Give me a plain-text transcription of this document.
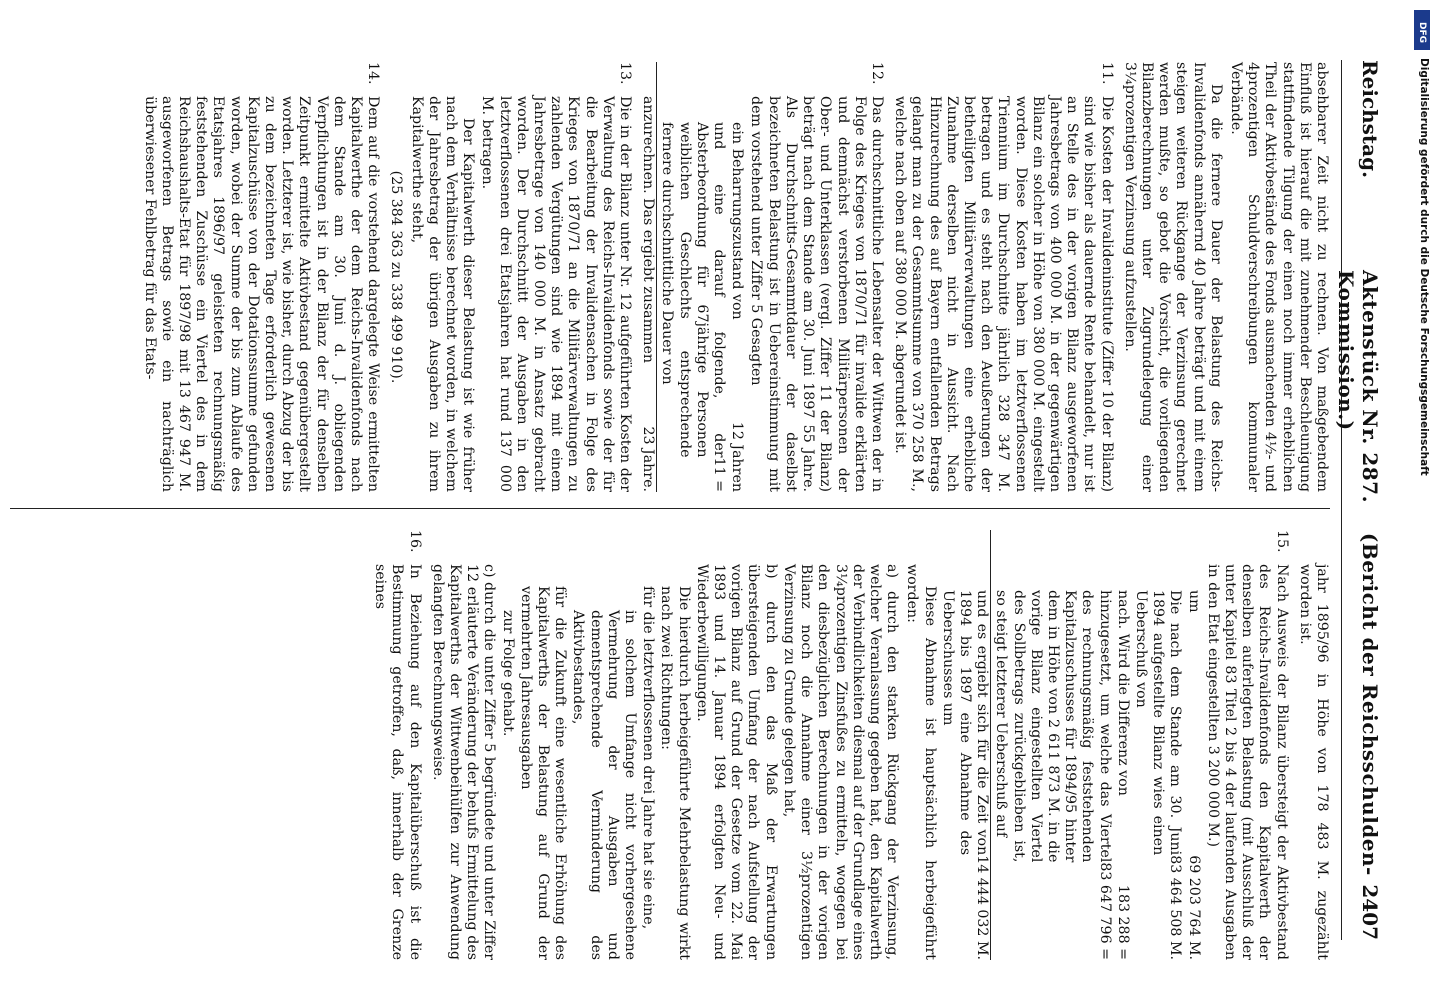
Reichstag.
Aktenstück Nr. 287.    (Bericht der Reichsschulden-Kommission.)
2407

absehbarer Zeit nicht zu rechnen. Von maßgebendem Einfluß ist hierauf die mit zunehmender Beschleunigung stattfindende Tilgung der einen noch immer erheblichen Theil der Aktivbestände des Fonds ausmachenden 4½- und 4prozentigen Schuldverschreibungen kommunaler Verbände.

Da die fernere Dauer der Belastung des Reichs-Invalidenfonds annähernd 40 Jahre beträgt und mit einem steigen weiteren Rückgange der Verzinsung gerechnet werden mußte, so gebot die Vorsicht, die vorliegenden Bilanzberechnungen unter Zugrundelegung einer 3¼prozentigen Verzinsung aufzustellen.

11.
Die Kosten der Invalideninstitute (Ziffer 10 der Bilanz) sind wie bisher als dauernde Rente behandelt, nur ist an Stelle des in der vorigen Bilanz ausgeworfenen Jahresbetrags von 400 000 M. in der gegenwärtigen Bilanz ein solcher in Höhe von 380 000 M. eingestellt worden. Diese Kosten haben im letztverflossenen Triennium im Durchschnitte jährlich 328 347 M. betragen und es steht nach den Aeußerungen der betheiligten Militärverwaltungen eine erhebliche Zunahme derselben nicht in Aussicht. Nach Hinzurechnung des auf Bayern entfallenden Betrags gelangt man zu der Gesammtsumme von 370 258 M., welche nach oben auf 380 000 M. abgerundet ist.
12.
Das durchschnittliche Lebensalter der Wittwen der in Folge des Krieges von 1870/71 für invalide erklärten und demnächst verstorbenen Militärpersonen der Ober- und Unterklassen (vergl. Ziffer 11 der Bilanz) beträgt nach dem Stande am 30. Juni 1897 55 Jahre. Als Durchschnitts-Gesammtdauer der daselbst bezeichneten Belastung ist in Uebereinstimmung mit dem vorstehend unter Ziffer 5 Gesagten
ein Beharrungszustand von
12 Jahren
und eine darauf folgende, der Absterbeordnung für 67jährige Personen weiblichen Geschlechts entsprechende fernere durchschnittliche Dauer von
11 =
anzurechnen. Das ergiebt zusammen
23 Jahre.
13.
Die in der Bilanz unter Nr. 12 aufgeführten Kosten der Verwaltung des Reichs-Invalidenfonds sowie der für die Bearbeitung der Invalidensachen in Folge des Krieges von 1870/71 an die Militärverwaltungen zu zahlenden Vergütungen sind wie 1894 mit einem Jahresbetrage von 140 000 M. in Ansatz gebracht worden. Der Durchschnitt der Ausgaben in den letztverflossenen drei Etatsjahren hat rund 137 000 M. betragen.

Der Kapitalwerth dieser Belastung ist wie früher nach dem Verhältnisse berechnet worden, in welchem der Jahresbetrag der übrigen Ausgaben zu ihrem Kapitalwerthe steht,

(25 384 363 zu 338 499 910).

14.
Dem auf die vorstehend dargelegte Weise ermittelten Kapitalwerthe der dem Reichs-Invalidenfonds nach dem Stande am 30. Juni d. J. obliegenden Verpflichtungen ist in der Bilanz der für denselben Zeitpunkt ermittelte Aktivbestand gegenübergestellt worden. Letzterer ist, wie bisher, durch Abzug der bis zu dem bezeichneten Tage erforderlich gewesenen Kapitalzuschüsse von der Dotationssumme gefunden worden, wobei der Summe der bis zum Ablaufe des Etatsjahres 1896/97 geleisteten rechnungsmäßig feststehenden Zuschüsse ein Viertel des in dem Reichshaushalts-Etat für 1897/98 mit 13 467 947 M. ausgeworfenen Betrags sowie ein nachträglich überwiesener Fehlbetrag für das Etats-

jahr 1895/96 in Höhe von 178 483 M. zugezählt worden ist.

15.
Nach Ausweis der Bilanz übersteigt der Aktivbestand des Reichs-Invalidenfonds den Kapitalwerth der denselben auferlegten Belastung (mit Ausschluß der unter Kapitel 83 Titel 2 bis 4 der laufenden Ausgaben in den Etat eingestellten 3 200 000 M.)
um
69 203 764 M.
Die nach dem Stande am 30. Juni 1894 aufgestellte Bilanz wies einen Ueberschuß von
83 464 508 M.
nach. Wird die Differenz von
183 288 =
hinzugesetzt, um welche das Viertel des rechnungsmäßig feststehenden Kapitalzuschusses für 1894/95 hinter dem in Höhe von 2 611 873 M. in die vorige Bilanz eingestellten Viertel des Sollbetrags zurückgeblieben ist, so steigt letzterer Ueberschuß auf
83 647 796 =
und es ergiebt sich für die Zeit von 1894 bis 1897 eine Abnahme des Ueberschusses um
14 444 032 M.

Diese Abnahme ist hauptsächlich herbeigeführt worden:

a) durch den starken Rückgang der Verzinsung, welcher Veranlassung gegeben hat, den Kapitalwerth der Verbindlichkeiten diesmal auf der Grundlage eines 3¼prozentigen Zinsfußes zu ermitteln, wogegen bei den diesbezüglichen Berechnungen in der vorigen Bilanz noch die Annahme einer 3½prozentigen Verzinsung zu Grunde gelegen hat,

b) durch den das Maß der Erwartungen übersteigenden Umfang der nach Aufstellung der vorigen Bilanz auf Grund der Gesetze vom 22. Mai 1893 und 14. Januar 1894 erfolgten Neu- und Wiederbewilligungen.

Die hierdurch herbeigeführte Mehrbelastung wirkt nach zwei Richtungen:

für die letztverflossenen drei Jahre hat sie eine,

in solchem Umfange nicht vorhergesehene Vermehrung der Ausgaben und dementsprechende Verminderung des Aktivbestandes,

für die Zukunft eine wesentliche Erhöhung des Kapitalwerths der Belastung auf Grund der vermehrten Jahresausgaben

zur Folge gehabt.

c) durch die unter Ziffer 5 begründete und unter Ziffer 12 erläuterte Veränderung der behufs Ermittelung des Kapitalwerths der Wittwenbeihülfen zur Anwendung gelangten Berechnungsweise.

16.
In Beziehung auf den Kapitalüberschuß ist die Bestimmung getroffen, daß, innerhalb der Grenze seines
DFG
Digitalisierung gefördert durch die Deutsche Forschungsgemeinschaft
